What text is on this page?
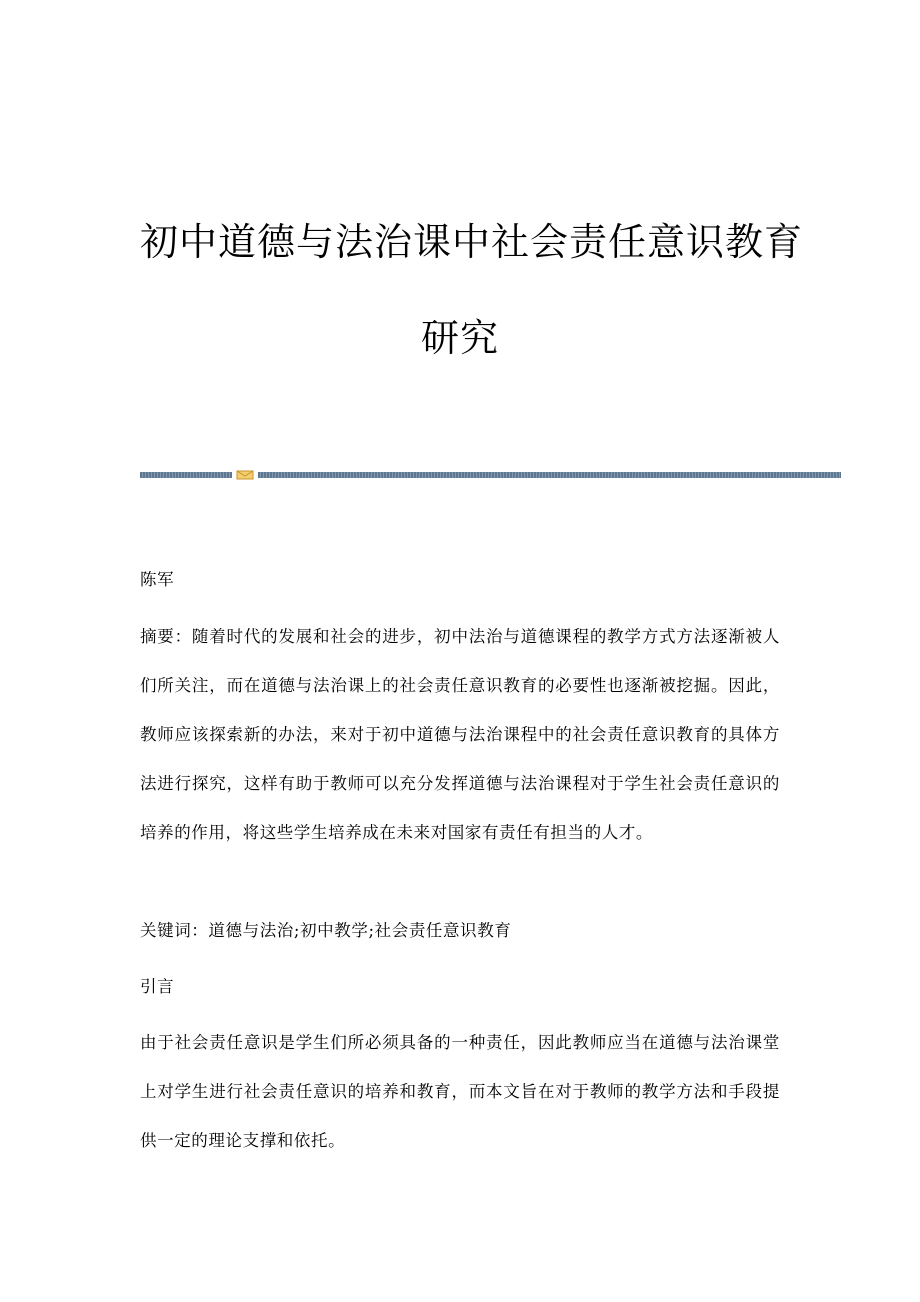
初中道德与法治课中社会责任意识教育
研究

陈军

摘要：随着时代的发展和社会的进步，初中法治与道德课程的教学方式方法逐渐被人们所关注，而在道德与法治课上的社会责任意识教育的必要性也逐渐被挖掘。因此，教师应该探索新的办法，来对于初中道德与法治课程中的社会责任意识教育的具体方法进行探究，这样有助于教师可以充分发挥道德与法治课程对于学生社会责任意识的培养的作用，将这些学生培养成在未来对国家有责任有担当的人才。

关键词：道德与法治;初中教学;社会责任意识教育

引言

由于社会责任意识是学生们所必须具备的一种责任，因此教师应当在道德与法治课堂上对学生进行社会责任意识的培养和教育，而本文旨在对于教师的教学方法和手段提供一定的理论支撑和依托。
